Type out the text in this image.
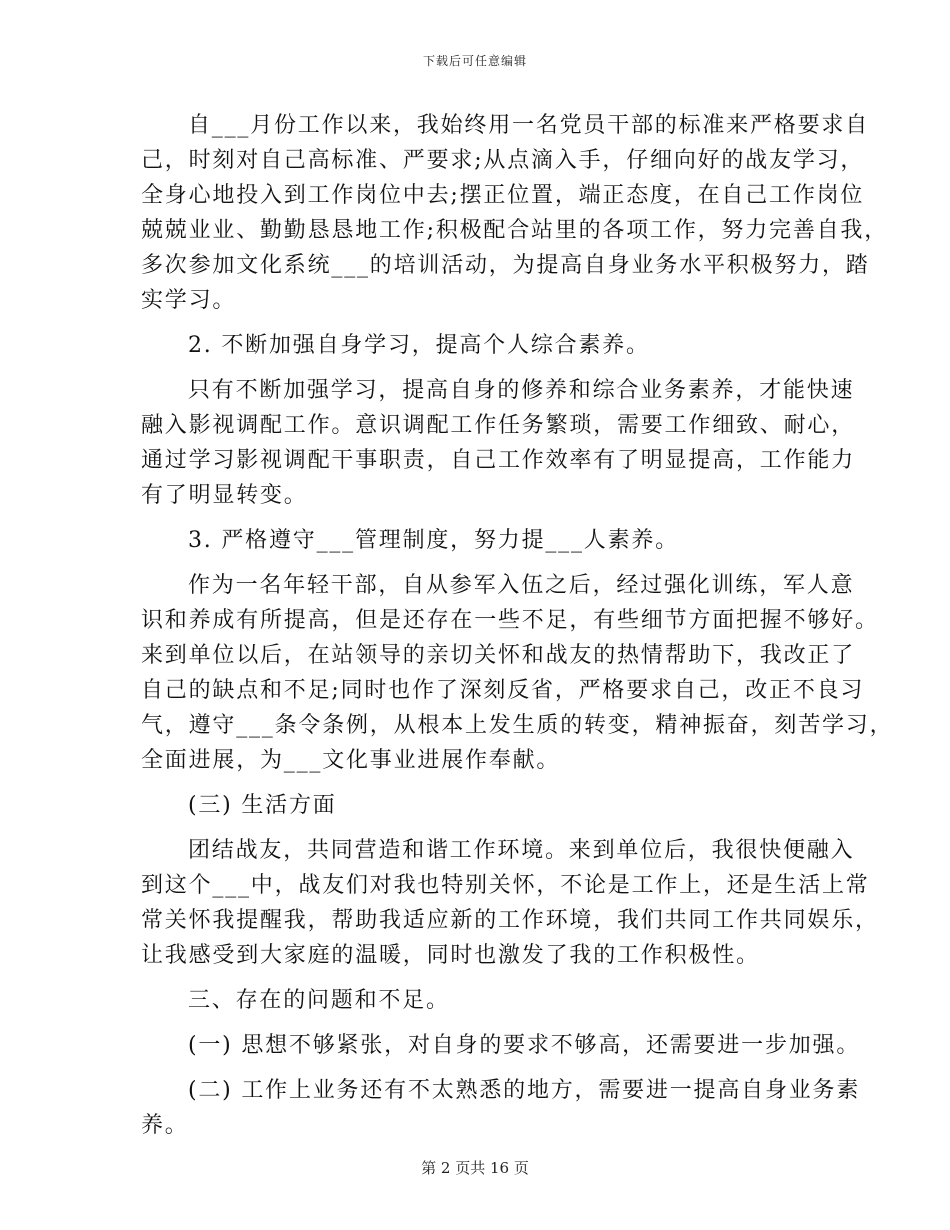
下载后可任意编辑
自___月份工作以来，我始终用一名党员干部的标准来严格要求自
己，时刻对自己高标准、严要求;从点滴入手，仔细向好的战友学习，
全身心地投入到工作岗位中去;摆正位置，端正态度，在自己工作岗位
兢兢业业、勤勤恳恳地工作;积极配合站里的各项工作，努力完善自我，
多次参加文化系统___的培训活动，为提高自身业务水平积极努力，踏
实学习。
2. 不断加强自身学习，提高个人综合素养。
只有不断加强学习，提高自身的修养和综合业务素养，才能快速
融入影视调配工作。意识调配工作任务繁琐，需要工作细致、耐心，
通过学习影视调配干事职责，自己工作效率有了明显提高，工作能力
有了明显转变。
3. 严格遵守___管理制度，努力提___人素养。
作为一名年轻干部，自从参军入伍之后，经过强化训练，军人意
识和养成有所提高，但是还存在一些不足，有些细节方面把握不够好。
来到单位以后，在站领导的亲切关怀和战友的热情帮助下，我改正了
自己的缺点和不足;同时也作了深刻反省，严格要求自己，改正不良习
气，遵守___条令条例，从根本上发生质的转变，精神振奋，刻苦学习，
全面进展，为___文化事业进展作奉献。
(三) 生活方面
团结战友，共同营造和谐工作环境。来到单位后，我很快便融入
到这个___中，战友们对我也特别关怀，不论是工作上，还是生活上常
常关怀我提醒我，帮助我适应新的工作环境，我们共同工作共同娱乐，
让我感受到大家庭的温暖，同时也激发了我的工作积极性。
三、存在的问题和不足。
(一) 思想不够紧张，对自身的要求不够高，还需要进一步加强。
(二) 工作上业务还有不太熟悉的地方，需要进一提高自身业务素
养。
第 2 页共 16 页
